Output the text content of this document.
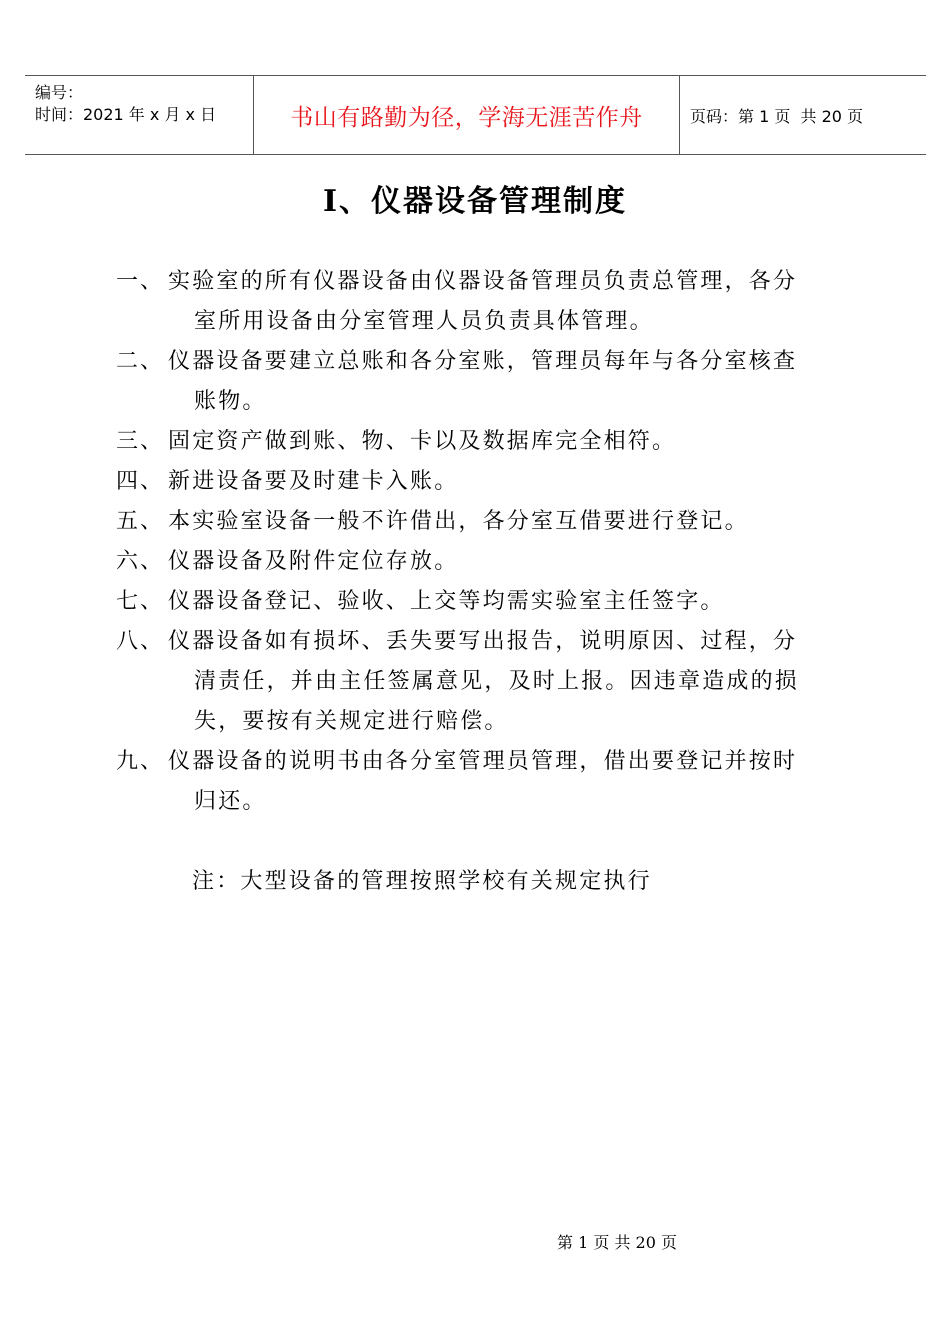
编号：
时间：2021 年 x 月 x 日	书山有路勤为径，学海无涯苦作舟	页码：第 1 页  共 20 页
I、仪器设备管理制度
一、 实验室的所有仪器设备由仪器设备管理员负责总管理，各分
室所用设备由分室管理人员负责具体管理。
二、 仪器设备要建立总账和各分室账，管理员每年与各分室核查
账物。
三、 固定资产做到账、物、卡以及数据库完全相符。
四、 新进设备要及时建卡入账。
五、 本实验室设备一般不许借出，各分室互借要进行登记。
六、 仪器设备及附件定位存放。
七、 仪器设备登记、验收、上交等均需实验室主任签字。
八、 仪器设备如有损坏、丢失要写出报告，说明原因、过程，分
清责任，并由主任签属意见，及时上报。因违章造成的损失，要按有关规定进行赔偿。
九、 仪器设备的说明书由各分室管理员管理，借出要登记并按时
归还。
注：大型设备的管理按照学校有关规定执行
第 1 页 共 20 页
